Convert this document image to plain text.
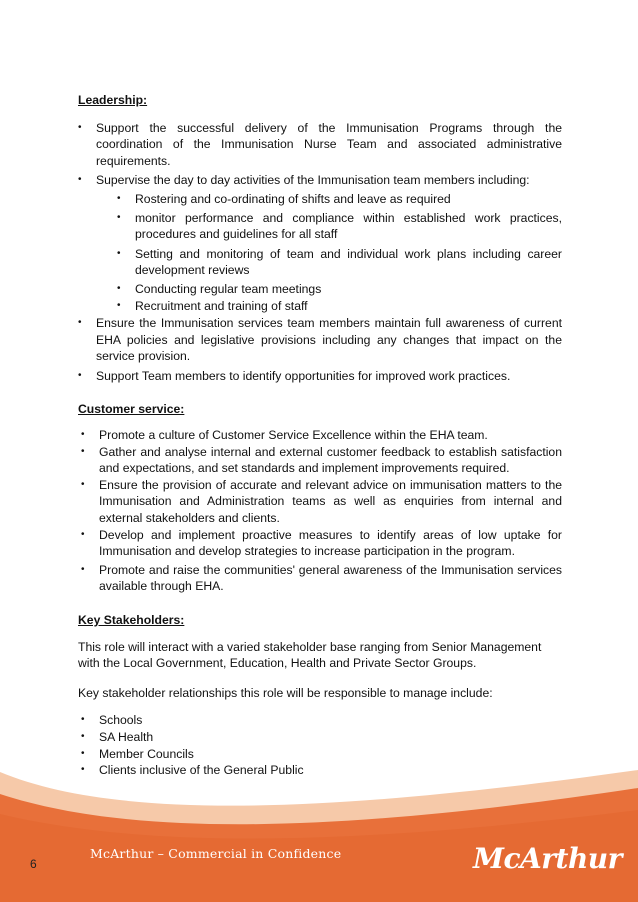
Leadership:

• Support the successful delivery of the Immunisation Programs through the coordination of the Immunisation Nurse Team and associated administrative requirements.
• Supervise the day to day activities of the Immunisation team members including:
• Rostering and co-ordinating of shifts and leave as required
• monitor performance and compliance within established work practices, procedures and guidelines for all staff
• Setting and monitoring of team and individual work plans including career development reviews
• Conducting regular team meetings
• Recruitment and training of staff
• Ensure the Immunisation services team members maintain full awareness of current EHA policies and legislative provisions including any changes that impact on the service provision.
• Support Team members to identify opportunities for improved work practices.

Customer service:

• Promote a culture of Customer Service Excellence within the EHA team.
• Gather and analyse internal and external customer feedback to establish satisfaction and expectations, and set standards and implement improvements required.
• Ensure the provision of accurate and relevant advice on immunisation matters to the Immunisation and Administration teams as well as enquiries from internal and external stakeholders and clients.
• Develop and implement proactive measures to identify areas of low uptake for Immunisation and develop strategies to increase participation in the program.
• Promote and raise the communities' general awareness of the Immunisation services available through EHA.

Key Stakeholders:

This role will interact with a varied stakeholder base ranging from Senior Management with the Local Government, Education, Health and Private Sector Groups.

Key stakeholder relationships this role will be responsible to manage include:

• Schools
• SA Health
• Member Councils
• Clients inclusive of the General Public
6
McArthur – Commercial in Confidence	McArthur
